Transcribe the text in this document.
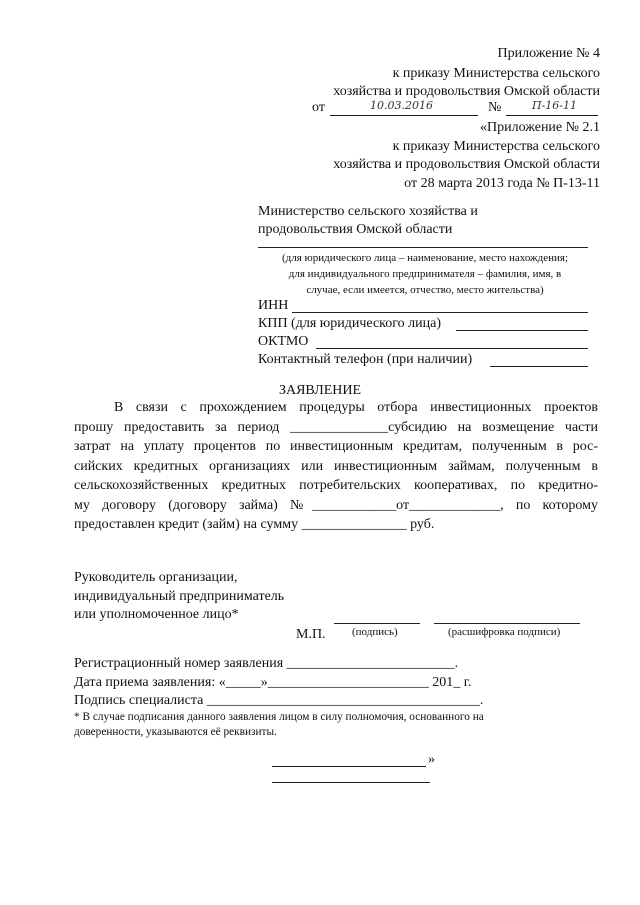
Приложение № 4
к приказу Министерства сельского
хозяйства и продовольствия Омской области
от	10.03.2016	№	П-16-11
«Приложение № 2.1
к приказу Министерства сельского
хозяйства и продовольствия Омской области
от 28 марта 2013 года № П-13-11
Министерство сельского хозяйства и
продовольствия Омской области
(для юридического лица – наименование, место нахождения;
для индивидуального предпринимателя – фамилия, имя, в
случае, если имеется, отчество, место жительства)
ИНН
КПП (для юридического лица)
ОКТМО
Контактный телефон (при наличии)
ЗАЯВЛЕНИЕ
В связи с прохождением процедуры отбора инвестиционных проектов
прошу предоставить за период ______________субсидию на возмещение части
затрат на уплату процентов по инвестиционным кредитам, полученным в рос-
сийских кредитных организациях или инвестиционным займам, полученным в
сельскохозяйственных кредитных потребительских кооперативах, по кредитно-
му договору (договору займа) №____________от_____________, по которому
предоставлен кредит (займ) на сумму _______________ руб.
Руководитель организации,
индивидуальный предприниматель
или уполномоченное лицо*
М.П. (подпись)	(расшифровка подписи)
Регистрационный номер заявления ________________________.
Дата приема заявления: «_____»_______________________ 201_ г.
Подпись специалиста _______________________________________.
* В случае подписания данного заявления лицом в силу полномочия, основанного на
доверенности, указываются её реквизиты.
»
